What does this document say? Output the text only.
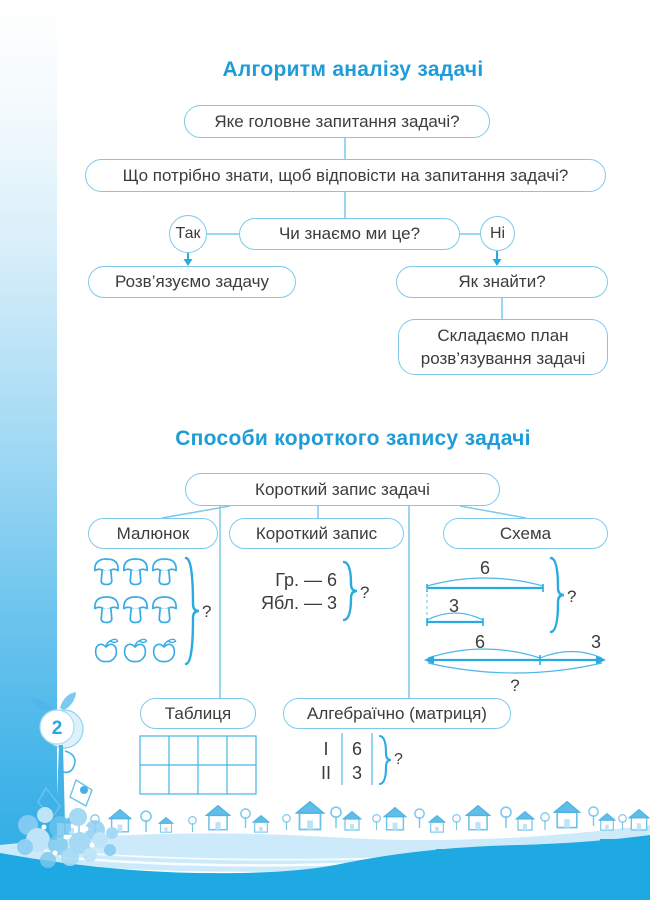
Алгоритм аналізу задачі
Яке головне запитання задачі?
Що потрібно знати, щоб відповісти на запитання задачі?
Так	Чи знаємо ми це?	Ні
Розв’язуємо задачу	Як знайти?
Складаємо план
розв’язування задачі
Способи короткого запису задачі
Короткий запис задачі
Малюнок	Короткий запис	Схема
Таблиця	Алгебраїчно (матриця)
?
Гр. — 6
Ябл. — 3
?
6
3	?
6	3
?
I	6
II	3
?
2
